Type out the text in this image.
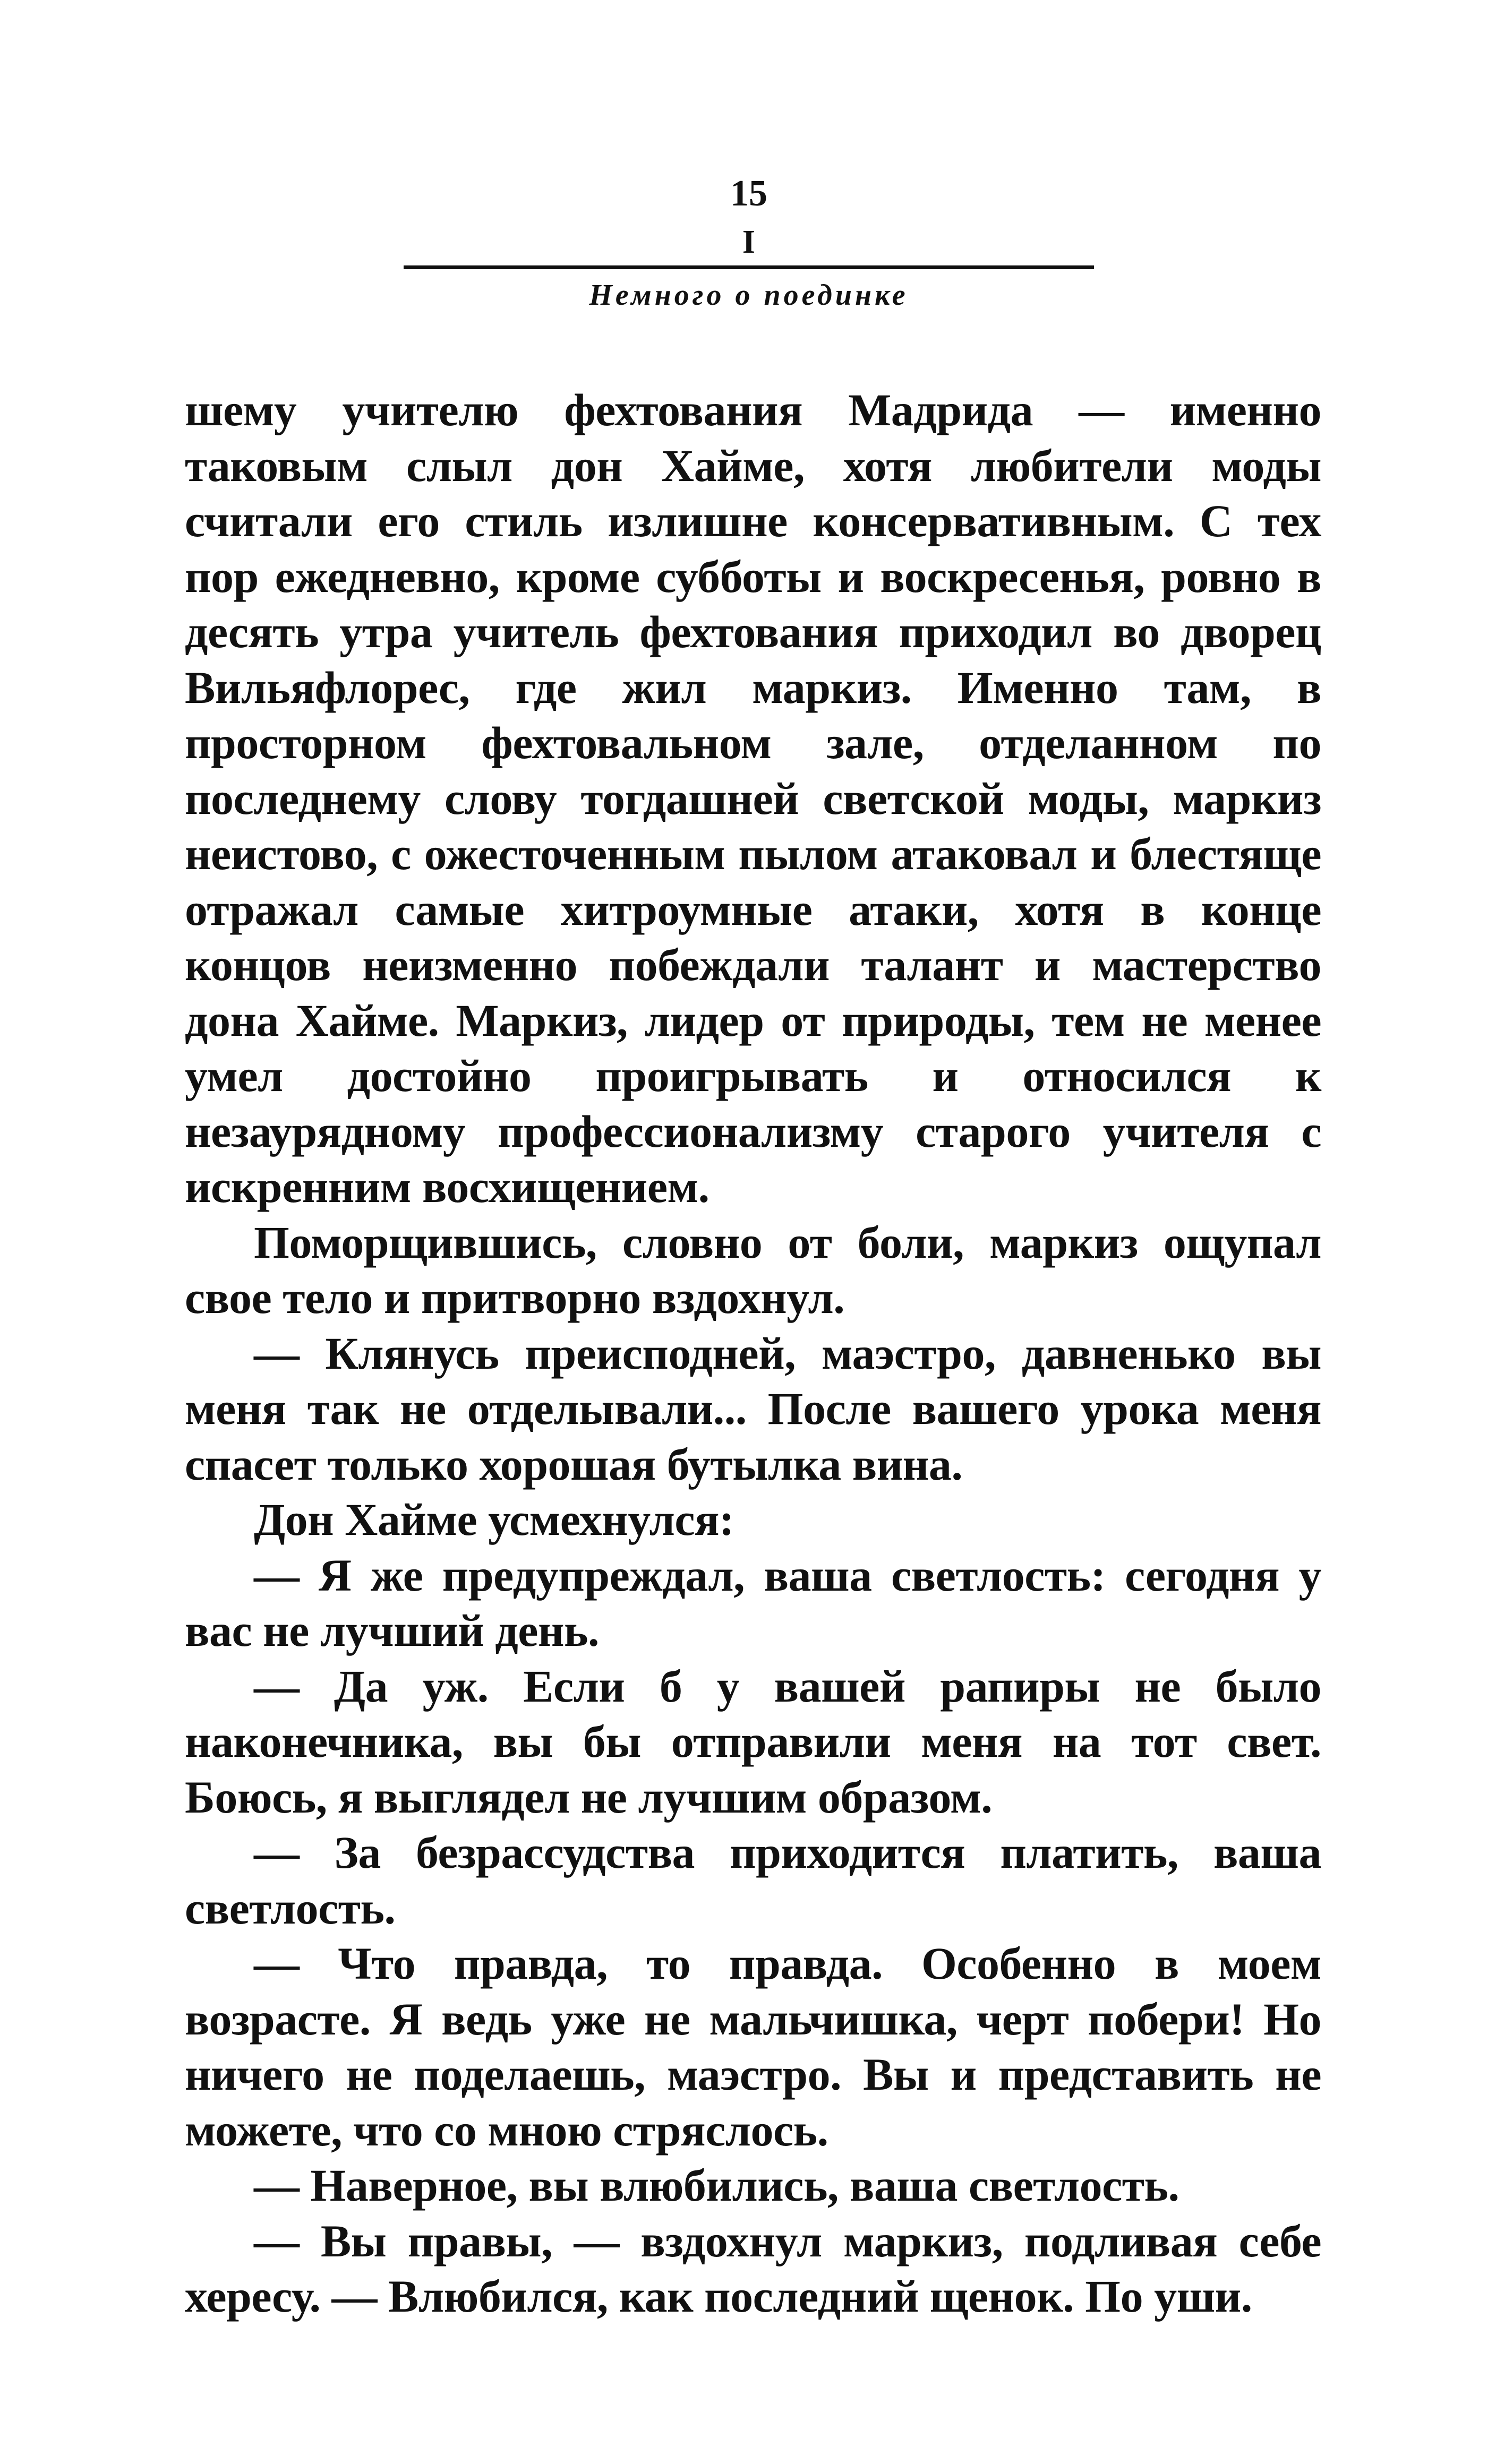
15
I
Немного о поединке

шему учителю фехтования Мадрида — именно таковым слыл дон Хайме, хотя любители моды считали его стиль излишне консервативным. С тех пор ежедневно, кроме субботы и воскресенья, ровно в десять утра учитель фехтования приходил во дворец Вильяфлорес, где жил маркиз. Именно там, в просторном фехтовальном зале, отделанном по последнему слову тогдашней светской моды, маркиз неистово, с ожесточенным пылом атаковал и блестяще отражал самые хитроумные атаки, хотя в конце концов неизменно побеждали талант и мастерство дона Хайме. Маркиз, лидер от природы, тем не менее умел достойно проигрывать и относился к незаурядному профессионализму старого учителя с искренним восхищением.

Поморщившись, словно от боли, маркиз ощупал свое тело и притворно вздохнул.

— Клянусь преисподней, маэстро, давненько вы меня так не отделывали... После вашего урока меня спасет только хорошая бутылка вина.

Дон Хайме усмехнулся:

— Я же предупреждал, ваша светлость: сегодня у вас не лучший день.

— Да уж. Если б у вашей рапиры не было наконечника, вы бы отправили меня на тот свет. Боюсь, я выглядел не лучшим образом.

— За безрассудства приходится платить, ваша светлость.

— Что правда, то правда. Особенно в моем возрасте. Я ведь уже не мальчишка, черт побери! Но ничего не поделаешь, маэстро. Вы и представить не можете, что со мною стряслось.

— Наверное, вы влюбились, ваша светлость.

— Вы правы, — вздохнул маркиз, подливая себе хересу. — Влюбился, как последний щенок. По уши.
